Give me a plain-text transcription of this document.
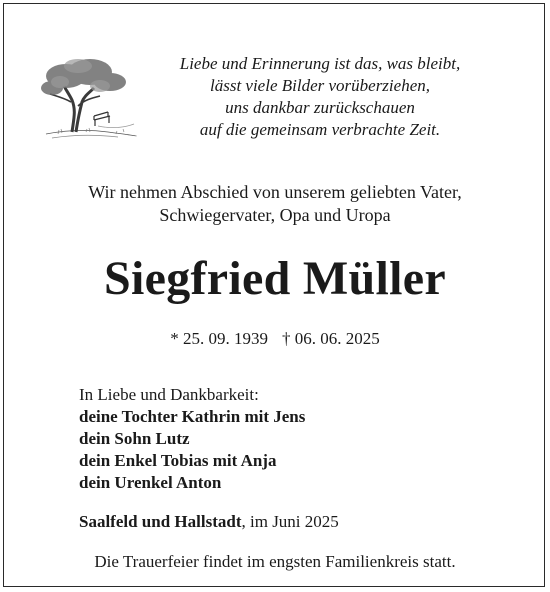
Liebe und Erinnerung ist das, was bleibt,
lässt viele Bilder vorüberziehen,
uns dankbar zurückschauen
auf die gemeinsam verbrachte Zeit.
Wir nehmen Abschied von unserem geliebten Vater,
Schwiegervater, Opa und Uropa
Siegfried Müller
* 25. 09. 1939 † 06. 06. 2025
In Liebe und Dankbarkeit:
deine Tochter Kathrin mit Jens
dein Sohn Lutz
dein Enkel Tobias mit Anja
dein Urenkel Anton
Saalfeld und Hallstadt, im Juni 2025
Die Trauerfeier findet im engsten Familienkreis statt.
